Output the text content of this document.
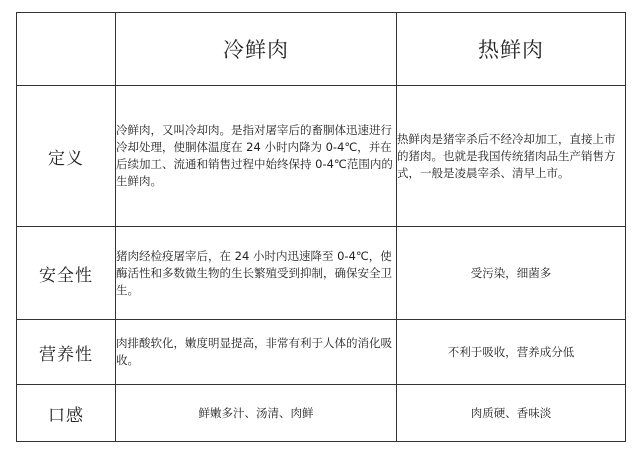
	冷鲜肉	热鲜肉
定义	冷鲜肉，又叫冷却肉。是指对屠宰后的畜胴体迅速进行冷却处理，使胴体温度在 24 小时内降为 0-4℃，并在后续加工、流通和销售过程中始终保持 0-4℃范围内的生鲜肉。	热鲜肉是猪宰杀后不经冷却加工，直接上市的猪肉。也就是我国传统猪肉品生产销售方式，一般是凌晨宰杀、清早上市。
安全性	猪肉经检疫屠宰后，在 24 小时内迅速降至 0-4℃，使酶活性和多数微生物的生长繁殖受到抑制，确保安全卫生。	受污染，细菌多
营养性	肉排酸软化，嫩度明显提高，非常有利于人体的消化吸收。	不利于吸收，营养成分低
口感	鲜嫩多汁、汤清、肉鲜	肉质硬、香味淡
